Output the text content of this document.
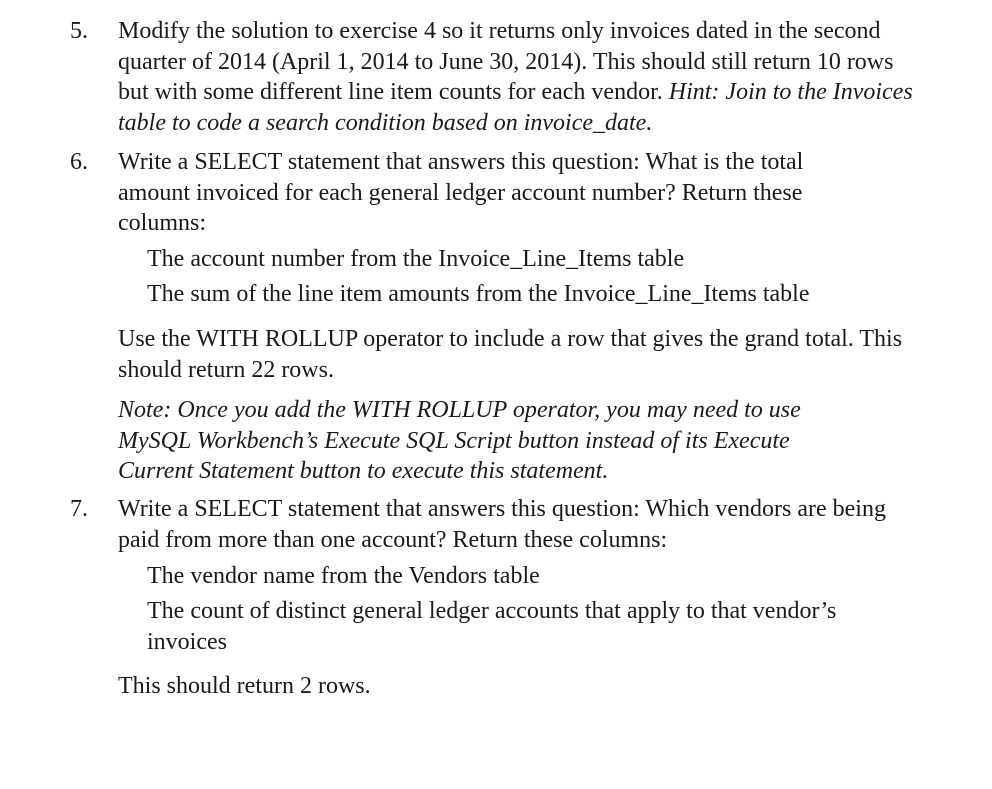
5.	Modify the solution to exercise 4 so it returns only invoices dated in the second quarter of 2014 (April 1, 2014 to June 30, 2014). This should still return 10 rows but with some different line item counts for each vendor. Hint: Join to the Invoices table to code a search condition based on invoice_date.

6.	Write a SELECT statement that answers this question: What is the total amount invoiced for each general ledger account number? Return these columns:

The account number from the Invoice_Line_Items table

The sum of the line item amounts from the Invoice_Line_Items table

Use the WITH ROLLUP operator to include a row that gives the grand total. This should return 22 rows.

Note: Once you add the WITH ROLLUP operator, you may need to use MySQL Workbench’s Execute SQL Script button instead of its Execute Current Statement button to execute this statement.

7.	Write a SELECT statement that answers this question: Which vendors are being paid from more than one account? Return these columns:

The vendor name from the Vendors table

The count of distinct general ledger accounts that apply to that vendor’s invoices

This should return 2 rows.
